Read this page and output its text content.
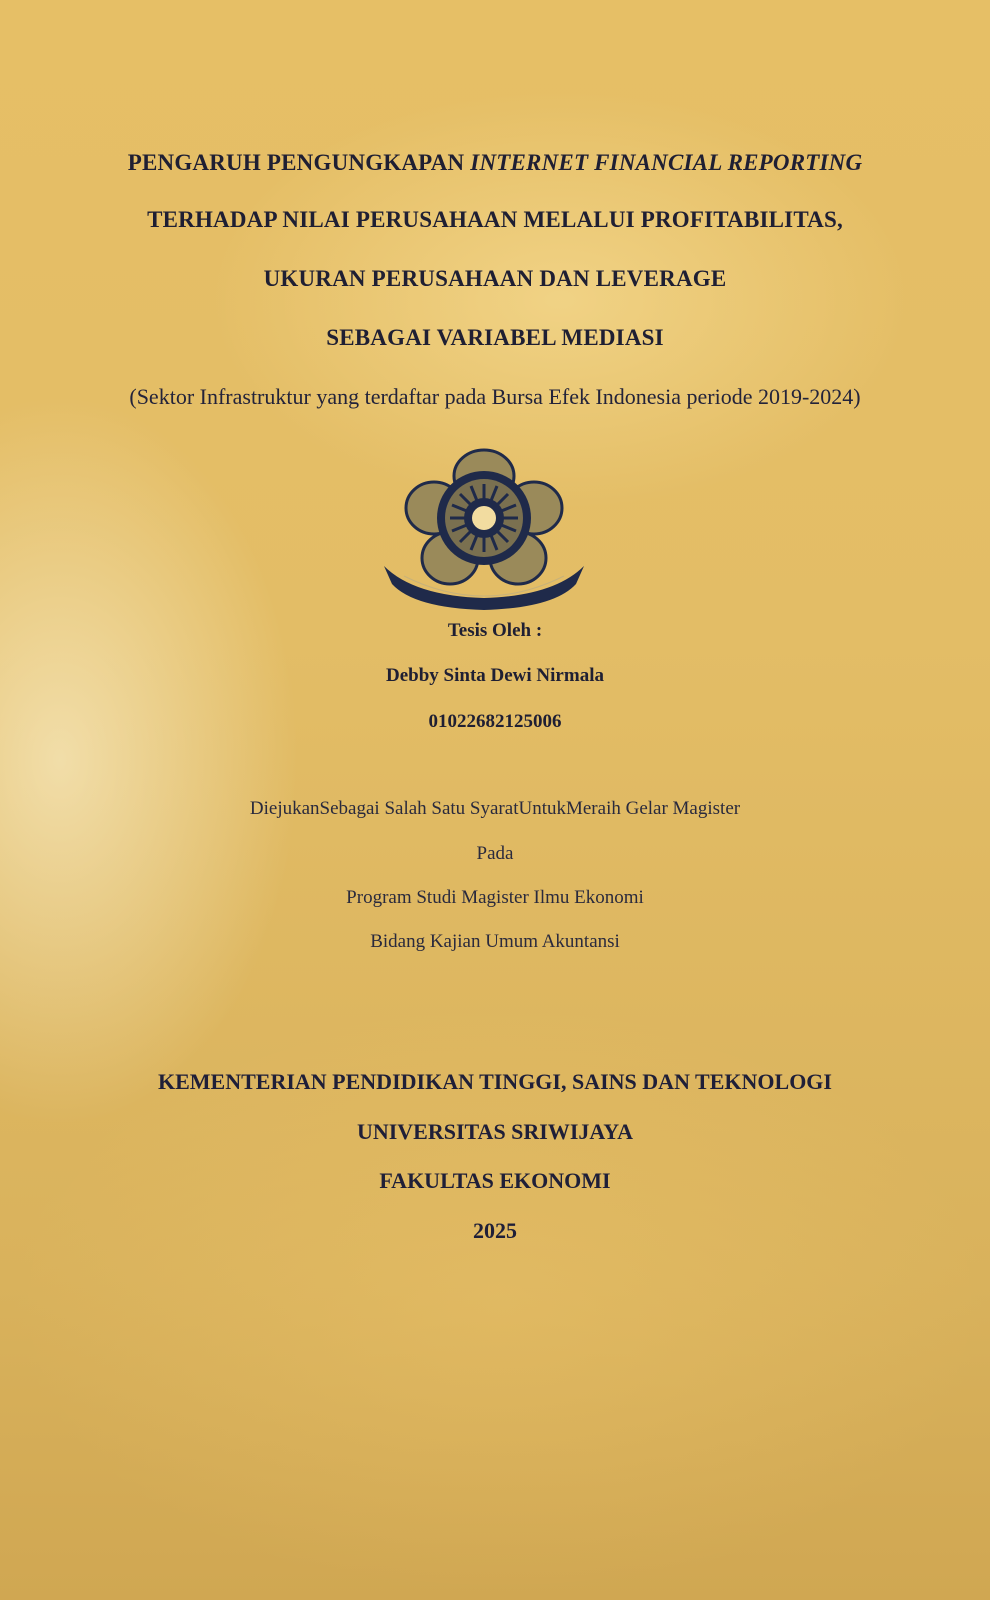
PENGARUH PENGUNGKAPAN INTERNET FINANCIAL REPORTING

TERHADAP NILAI PERUSAHAAN MELALUI PROFITABILITAS,

UKURAN PERUSAHAAN DAN LEVERAGE

SEBAGAI VARIABEL MEDIASI

(Sektor Infrastruktur yang terdaftar pada Bursa Efek Indonesia periode 2019-2024)

Tesis Oleh :

Debby Sinta Dewi Nirmala

01022682125006

DiejukanSebagai Salah Satu SyaratUntukMeraih Gelar Magister

Pada

Program Studi Magister Ilmu Ekonomi

Bidang Kajian Umum Akuntansi

KEMENTERIAN PENDIDIKAN TINGGI, SAINS DAN TEKNOLOGI

UNIVERSITAS SRIWIJAYA

FAKULTAS EKONOMI

2025
